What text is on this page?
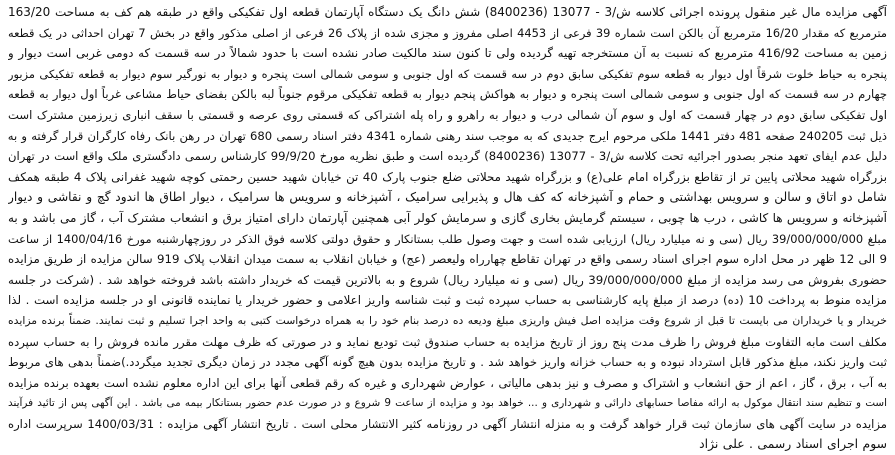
آگهی مزایده مال غیر منقول پرونده اجرائی کلاسه ش/3 - 13077 (8400236) شش دانگ یک دستگاه آپارتمان قطعه اول تفکیکی واقع در طبقه هم کف به مساحت 163/20
مترمربع که مقدار 16/20 مترمربع آن بالکن است شماره 39 فرعی از 4453 اصلی مفروز و مجزی شده از پلاک 26 فرعی از اصلی مذکور واقع در بخش 7 تهران احداثی در یک قطعه
زمین به مساحت 416/92 مترمربع که نسبت به آن مستخرجه تهیه گردیده ولی تا کنون سند مالکیت صادر نشده است با حدود شمالاً در سه قسمت که دومی غربی است دیوار و
پنجره به حیاط خلوت شرقاً اول دیوار به قطعه سوم تفکیکی سابق دوم در سه قسمت که اول جنوبی و سومی شمالی است پنجره و دیوار به نورگیر سوم دیوار به قطعه تفکیکی مزبور
چهارم در سه قسمت که اول جنوبی و سومی شمالی است پنجره و دیوار به هواکش پنجم دیوار به قطعه تفکیکی مرقوم جنوباً لبه بالکن بفضای حیاط مشاعی غرباً اول دیوار به قطعه
اول تفکیکی سابق دوم در چهار قسمت که اول و سوم آن شمالی درب و دیوار به راهرو و راه پله اشتراکی که قسمتی روی عرصه و قسمتی با سقف انباری زیرزمین مشترک است
ذیل ثبت 240205 صفحه 481 دفتر 1441 ملکی مرحوم ایرج جدیدی که به موجب سند رهنی شماره 4341 دفتر اسناد رسمی 680 تهران در رهن بانک رفاه کارگران قرار گرفته و به
دلیل عدم ایفای تعهد منجر بصدور اجرائیه تحت کلاسه ش/3 - 13077 (8400236) گردیده است و طبق نظریه مورخ 99/9/20 کارشناس رسمی دادگستری ملک واقع است در تهران
بزرگراه شهید محلاتی پایین تر از تقاطع بزرگراه امام علی(ع) و بزرگراه شهید محلاتی ضلع جنوب پارک 40 تن خیابان شهید حسین رحمتی کوچه شهید غفرانی پلاک 4 طبقه همکف
شامل دو اتاق و سالن و سرویس بهداشتی و حمام و آشپزخانه که کف هال و پذیرایی سرامیک ، آشپزخانه و سرویس ها سرامیک ، دیوار اطاق ها اندود گچ و نقاشی و دیوار
آشپزخانه و سرویس ها کاشی ، درب ها چوبی ، سیستم گرمایش بخاری گازی و سرمایش کولر آبی همچنین آپارتمان دارای امتیاز برق و انشعاب مشترک آب ، گاز می باشد و به
مبلغ 39/000/000/000 ریال (سی و نه میلیارد ریال) ارزیابی شده است و جهت وصول طلب بستانکار و حقوق دولتی کلاسه فوق الذکر در روزچهارشنبه مورخ 1400/04/16 از ساعت
9 الی 12 ظهر در محل اداره سوم اجرای اسناد رسمی واقع در تهران تقاطع چهارراه ولیعصر (عج) و خیابان انقلاب به سمت میدان انقلاب پلاک 919 سالن مزایده از طریق مزایده
حضوری بفروش می رسد مزایده از مبلغ 39/000/000/000 ریال (سی و نه میلیارد ریال) شروع و به بالاترین قیمت که خریدار داشته باشد فروخته خواهد شد . (شرکت در جلسه
مزایده منوط به پرداخت 10 (ده) درصد از مبلغ پایه کارشناسی به حساب سپرده ثبت و ثبت شناسه واریز اعلامی و حضور خریدار یا نماینده قانونی او در جلسه مزایده است . لذا
خریدار و یا خریداران می بایست تا قبل از شروع وقت مزایده اصل فیش واریزی مبلغ ودیعه ده درصد بنام خود را به همراه درخواست کتبی به واحد اجرا تسلیم و ثبت نمایند. ضمناً برنده مزایده
مکلف است مابه التفاوت مبلغ فروش را ظرف مدت پنج روز از تاریخ مزایده به حساب صندوق ثبت تودیع نماید و در صورتی که ظرف مهلت مقرر مانده فروش را به حساب سپرده
ثبت واریز نکند، مبلغ مذکور قابل استرداد نبوده و به حساب خزانه واریز خواهد شد . و تاریخ مزایده بدون هیچ گونه آگهی مجدد در زمان دیگری تجدید میگردد.)ضمناً بدهی های مربوط
به آب ، برق ، گاز ، اعم از حق انشعاب و اشتراک و مصرف و نیز بدهی مالیاتی ، عوارض شهرداری و غیره که رقم قطعی آنها برای این اداره معلوم نشده است بعهده برنده مزایده
است و تنظیم سند انتقال موکول به ارائه مفاصا حسابهای دارائی و شهرداری و ... خواهد بود و مزایده از ساعت 9 شروع و در صورت عدم حضور بستانکار بیمه می باشد . این آگهی پس از تائید فرآیند
مزایده در سایت آگهی های سازمان ثبت قرار خواهد گرفت و به منزله انتشار آگهی در روزنامه کثیر الانتشار محلی است . تاریخ انتشار آگهی مزایده : 1400/03/31 سرپرست اداره
سوم اجرای اسناد رسمی . علی نژاد
